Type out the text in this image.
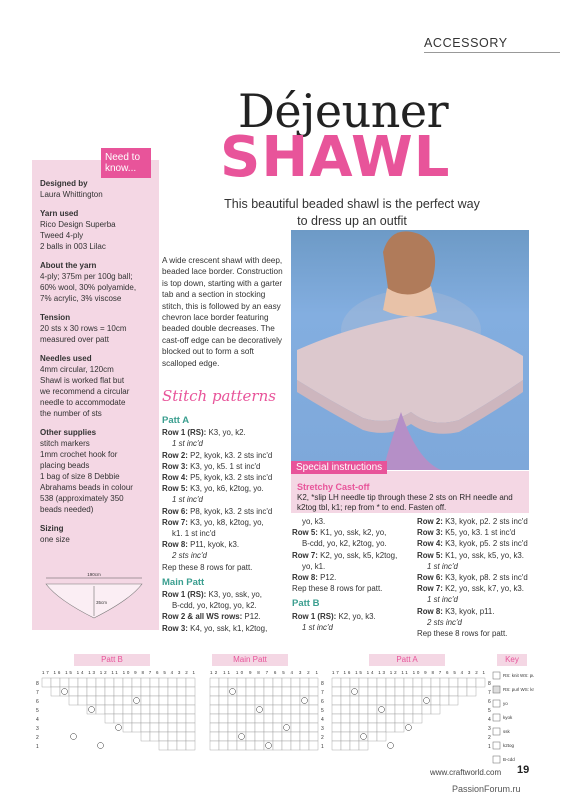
ACCESSORY
Déjeuner
SHAWL
This beautiful beaded shawl is the perfect way to dress up an outfit
Designed by
Laura Whittington
Yarn used
Rico Design Superba
Tweed 4-ply
2 balls in 003 Lilac
About the yarn
4-ply; 375m per 100g ball;
60% wool, 30% polyamide,
7% acrylic, 3% viscose
Tension
20 sts x 30 rows = 10cm
measured over patt
Needles used
4mm circular, 120cm
Shawl is worked flat but
we recommend a circular
needle to accommodate
the number of sts
Other supplies
stitch markers
1mm crochet hook for
placing beads
1 bag of size 8 Debbie
Abrahams beads in colour
538 (approximately 350
beads needed)
Sizing
one size
190cm
35cm
Need to know...
A wide crescent shawl with deep, beaded lace border. Construction is top down, starting with a garter tab and a section in stocking stitch, this is followed by an easy chevron lace border featuring beaded double decreases. The cast-off edge can be decoratively blocked out to form a soft scalloped edge.
Stretchy Cast-off
K2, *slip LH needle tip through these 2 sts on RH needle and k2tog tbl, k1; rep from * to end. Fasten off.
Special instructions
Stitch patterns
Patt A
Row 1 (RS): K3, yo, k2.
1 st inc'd
Row 2: P2, kyok, k3. 2 sts inc'd
Row 3: K3, yo, k5. 1 st inc'd
Row 4: P5, kyok, k3. 2 sts inc'd
Row 5: K3, yo, k6, k2tog, yo.
1 st inc'd
Row 6: P8, kyok, k3. 2 sts inc'd
Row 7: K3, yo, k8, k2tog, yo,
k1. 1 st inc'd
Row 8: P11, kyok, k3.
2 sts inc'd
Rep these 8 rows for patt.
Main Patt
Row 1 (RS): K3, yo, ssk, yo,
B-cdd, yo, k2tog, yo, k2.
Row 2 & all WS rows: P12.
Row 3: K4, yo, ssk, k1, k2tog,
yo, k3.
Row 5: K1, yo, ssk, k2, yo,
B-cdd, yo, k2, k2tog, yo.
Row 7: K2, yo, ssk, k5, k2tog,
yo, k1.
Row 8: P12.
Rep these 8 rows for patt.
Patt B
Row 1 (RS): K2, yo, k3.
1 st inc'd
Row 2: K3, kyok, p2. 2 sts inc'd
Row 3: K5, yo, k3. 1 st inc'd
Row 4: K3, kyok, p5. 2 sts inc'd
Row 5: K1, yo, ssk, k5, yo, k3.
1 st inc'd
Row 6: K3, kyok, p8. 2 sts inc'd
Row 7: K2, yo, ssk, k7, yo, k3.
1 st inc'd
Row 8: K3, kyok, p11.
2 sts inc'd
Rep these 8 rows for patt.
Patt B	Main Patt	Patt A	Key
17 16 15 14 13 12 11 10 9 8 7 6 5 4 3 2 1
8
7
6
5
4
3
2
1
12 11 10 9 8 7 6 5 4 3 2 1
8
7
6
5
4
3
2
1
17 16 15 14 13 12 11 10 9 8 7 6 5 4 3 2 1
8
7
6
5
4
3
2
1
RS: knit WS: purl
RS: purl WS: knit
yo
kyok
ssk
k2tog
B-cdd
www.craftworld.com 19
PassionForum.ru
